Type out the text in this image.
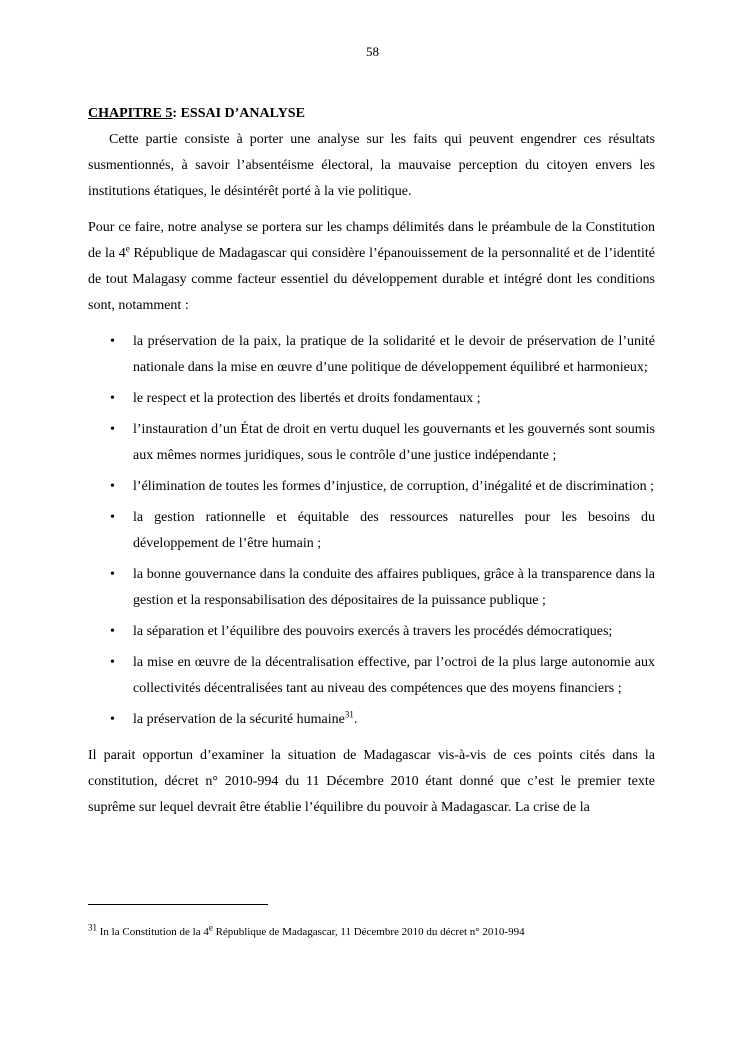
58
CHAPITRE 5: ESSAI D’ANALYSE

Cette partie consiste à porter une analyse sur les faits qui peuvent engendrer ces résultats susmentionnés, à savoir l’absentéisme électoral, la mauvaise perception du citoyen envers les institutions étatiques, le désintérêt porté à la vie politique.

Pour ce faire, notre analyse se portera sur les champs délimités dans le préambule de la Constitution de la 4e République de Madagascar qui considère l’épanouissement de la personnalité et de l’identité de tout Malagasy comme facteur essentiel du développement durable et intégré dont les conditions sont, notamment :

• la préservation de la paix, la pratique de la solidarité et le devoir de préservation de l’unité nationale dans la mise en œuvre d’une politique de développement équilibré et harmonieux;
• le respect et la protection des libertés et droits fondamentaux ;
• l’instauration d’un État de droit en vertu duquel les gouvernants et les gouvernés sont soumis aux mêmes normes juridiques, sous le contrôle d’une justice indépendante ;
• l’élimination de toutes les formes d’injustice, de corruption, d’inégalité et de discrimination ;
• la gestion rationnelle et équitable des ressources naturelles pour les besoins du développement de l’être humain ;
• la bonne gouvernance dans la conduite des affaires publiques, grâce à la transparence dans la gestion et la responsabilisation des dépositaires de la puissance publique ;
• la séparation et l’équilibre des pouvoirs exercés à travers les procédés démocratiques;
• la mise en œuvre de la décentralisation effective, par l’octroi de la plus large autonomie aux collectivités décentralisées tant au niveau des compétences que des moyens financiers ;
• la préservation de la sécurité humaine$^{31}$.

Il parait opportun d’examiner la situation de Madagascar vis-à-vis de ces points cités dans la constitution, décret n° 2010-994 du 11 Décembre 2010 étant donné que c’est le premier texte suprême sur lequel devrait être établie l’équilibre du pouvoir à Madagascar. La crise de la

$^{31}$ In la Constitution de la 4e République de Madagascar, 11 Décembre 2010 du décret n° 2010-994
